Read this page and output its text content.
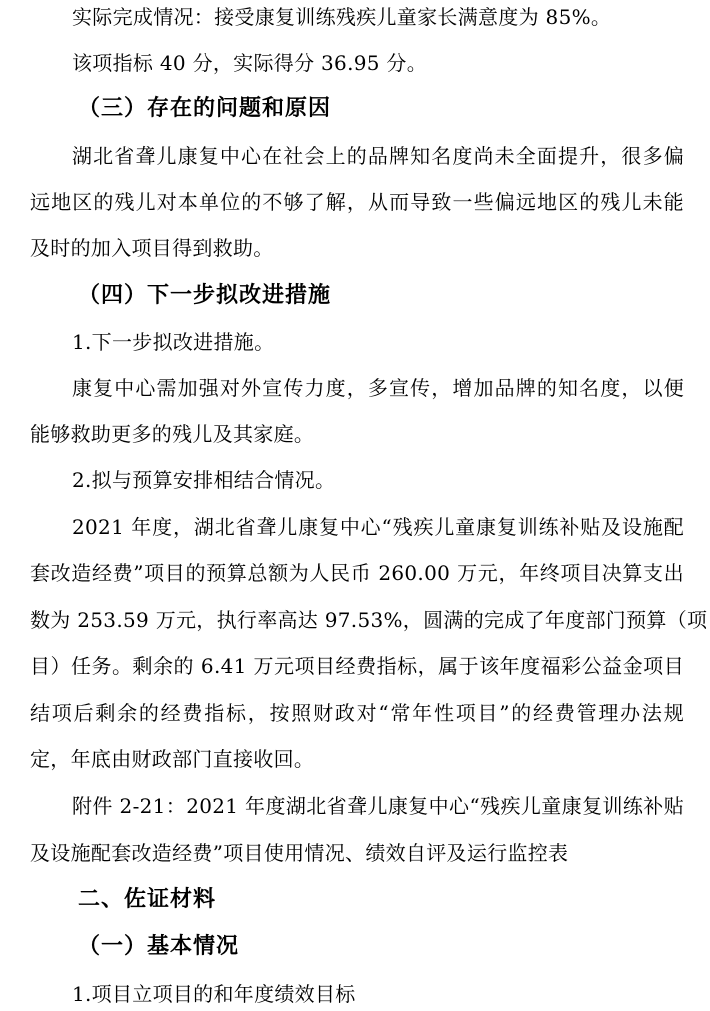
实际完成情况：接受康复训练残疾儿童家长满意度为 85%。
该项指标 40 分，实际得分 36.95 分。
（三）存在的问题和原因
湖北省聋儿康复中心在社会上的品牌知名度尚未全面提升，很多偏
远地区的残儿对本单位的不够了解，从而导致一些偏远地区的残儿未能
及时的加入项目得到救助。
（四）下一步拟改进措施
1.下一步拟改进措施。
康复中心需加强对外宣传力度，多宣传，增加品牌的知名度，以便
能够救助更多的残儿及其家庭。
2.拟与预算安排相结合情况。
2021 年度，湖北省聋儿康复中心“残疾儿童康复训练补贴及设施配
套改造经费”项目的预算总额为人民币 260.00 万元，年终项目决算支出
数为 253.59 万元，执行率高达 97.53%，圆满的完成了年度部门预算（项
目）任务。剩余的 6.41 万元项目经费指标，属于该年度福彩公益金项目
结项后剩余的经费指标，按照财政对“常年性项目”的经费管理办法规
定，年底由财政部门直接收回。
附件 2-21：2021 年度湖北省聋儿康复中心“残疾儿童康复训练补贴
及设施配套改造经费”项目使用情况、绩效自评及运行监控表
二、佐证材料
（一）基本情况
1.项目立项目的和年度绩效目标
